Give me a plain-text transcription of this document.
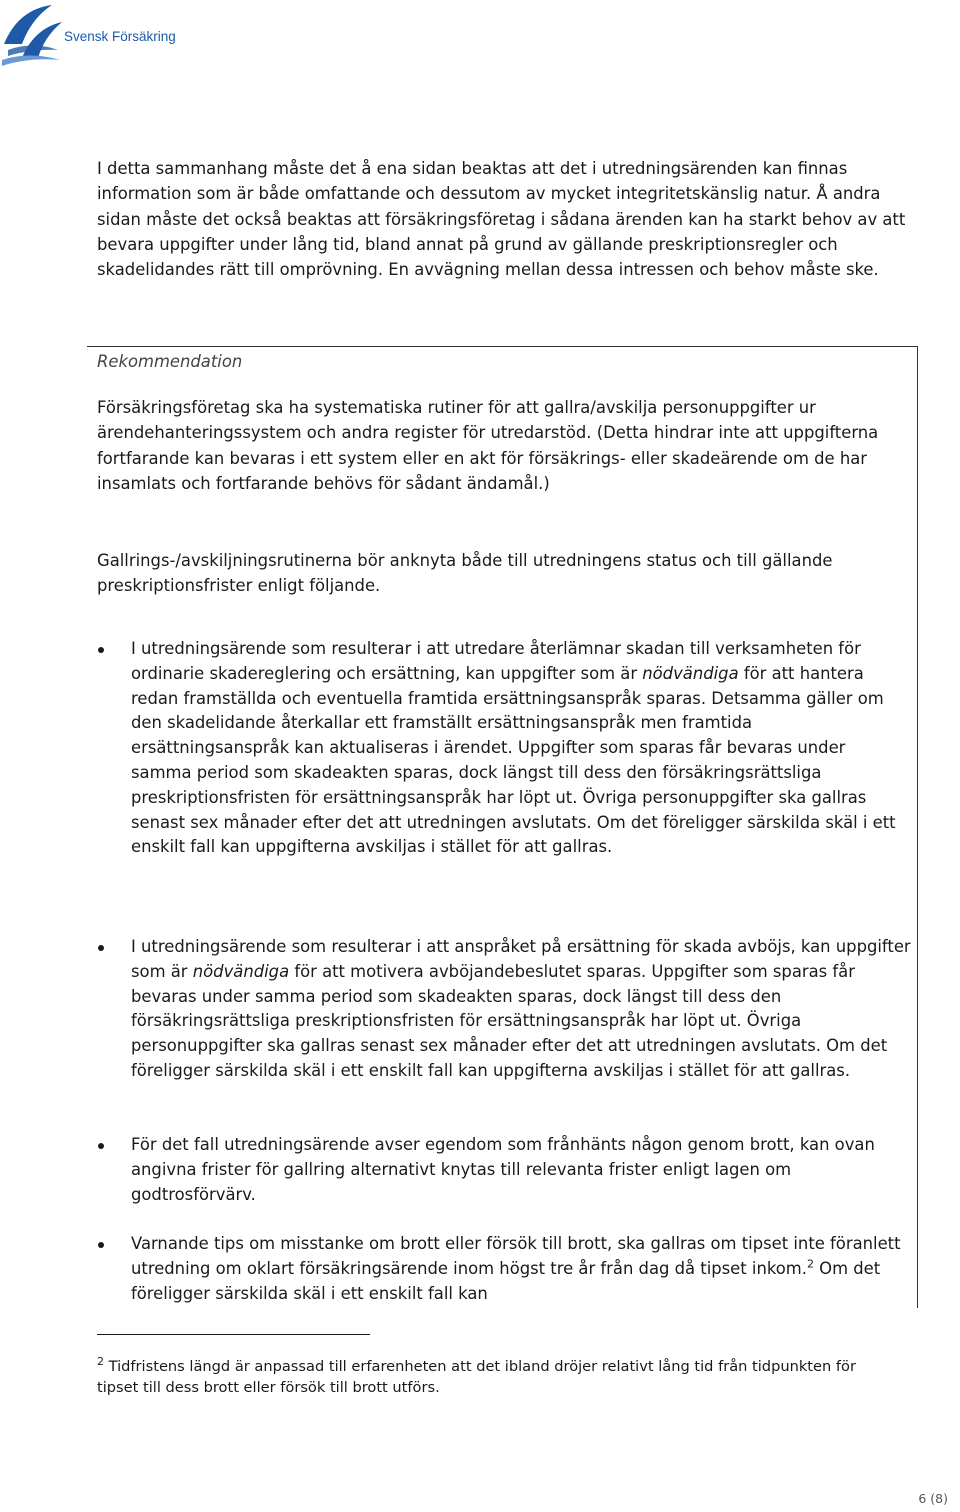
Svensk Försäkring

I detta sammanhang måste det å ena sidan beaktas att det i utredningsärenden kan finnas information som är både omfattande och dessutom av mycket integritetskänslig natur. Å andra sidan måste det också beaktas att försäkringsföretag i sådana ärenden kan ha starkt behov av att bevara uppgifter under lång tid, bland annat på grund av gällande preskriptionsregler och skadelidandes rätt till omprövning. En avvägning mellan dessa intressen och behov måste ske.

Rekommendation

Försäkringsföretag ska ha systematiska rutiner för att gallra/avskilja personuppgifter ur ärendehanteringssystem och andra register för utredarstöd. (Detta hindrar inte att uppgifterna fortfarande kan bevaras i ett system eller en akt för försäkrings- eller skadeärende om de har insamlats och fortfarande behövs för sådant ändamål.)

Gallrings-/avskiljningsrutinerna bör anknyta både till utredningens status och till gällande preskriptionsfrister enligt följande.

I utredningsärende som resulterar i att utredare återlämnar skadan till verksamheten för ordinarie skadereglering och ersättning, kan uppgifter som är nödvändiga för att hantera redan framställda och eventuella framtida ersättningsanspråk sparas. Detsamma gäller om den skadelidande återkallar ett framställt ersättningsanspråk men framtida ersättningsanspråk kan aktualiseras i ärendet. Uppgifter som sparas får bevaras under samma period som skadeakten sparas, dock längst till dess den försäkringsrättsliga preskriptionsfristen för ersättningsanspråk har löpt ut. Övriga personuppgifter ska gallras senast sex månader efter det att utredningen avslutats. Om det föreligger särskilda skäl i ett enskilt fall kan uppgifterna avskiljas i stället för att gallras.

I utredningsärende som resulterar i att anspråket på ersättning för skada avböjs, kan uppgifter som är nödvändiga för att motivera avböjandebeslutet sparas. Uppgifter som sparas får bevaras under samma period som skadeakten sparas, dock längst till dess den försäkringsrättsliga preskriptionsfristen för ersättningsanspråk har löpt ut. Övriga personuppgifter ska gallras senast sex månader efter det att utredningen avslutats. Om det föreligger särskilda skäl i ett enskilt fall kan uppgifterna avskiljas i stället för att gallras.

För det fall utredningsärende avser egendom som frånhänts någon genom brott, kan ovan angivna frister för gallring alternativt knytas till relevanta frister enligt lagen om godtrosförvärv.

Varnande tips om misstanke om brott eller försök till brott, ska gallras om tipset inte föranlett utredning om oklart försäkringsärende inom högst tre år från dag då tipset inkom.$^2$ Om det föreligger särskilda skäl i ett enskilt fall kan

$^2$ Tidfristens längd är anpassad till erfarenheten att det ibland dröjer relativt lång tid från tidpunkten för tipset till dess brott eller försök till brott utförs.

6 (8)
